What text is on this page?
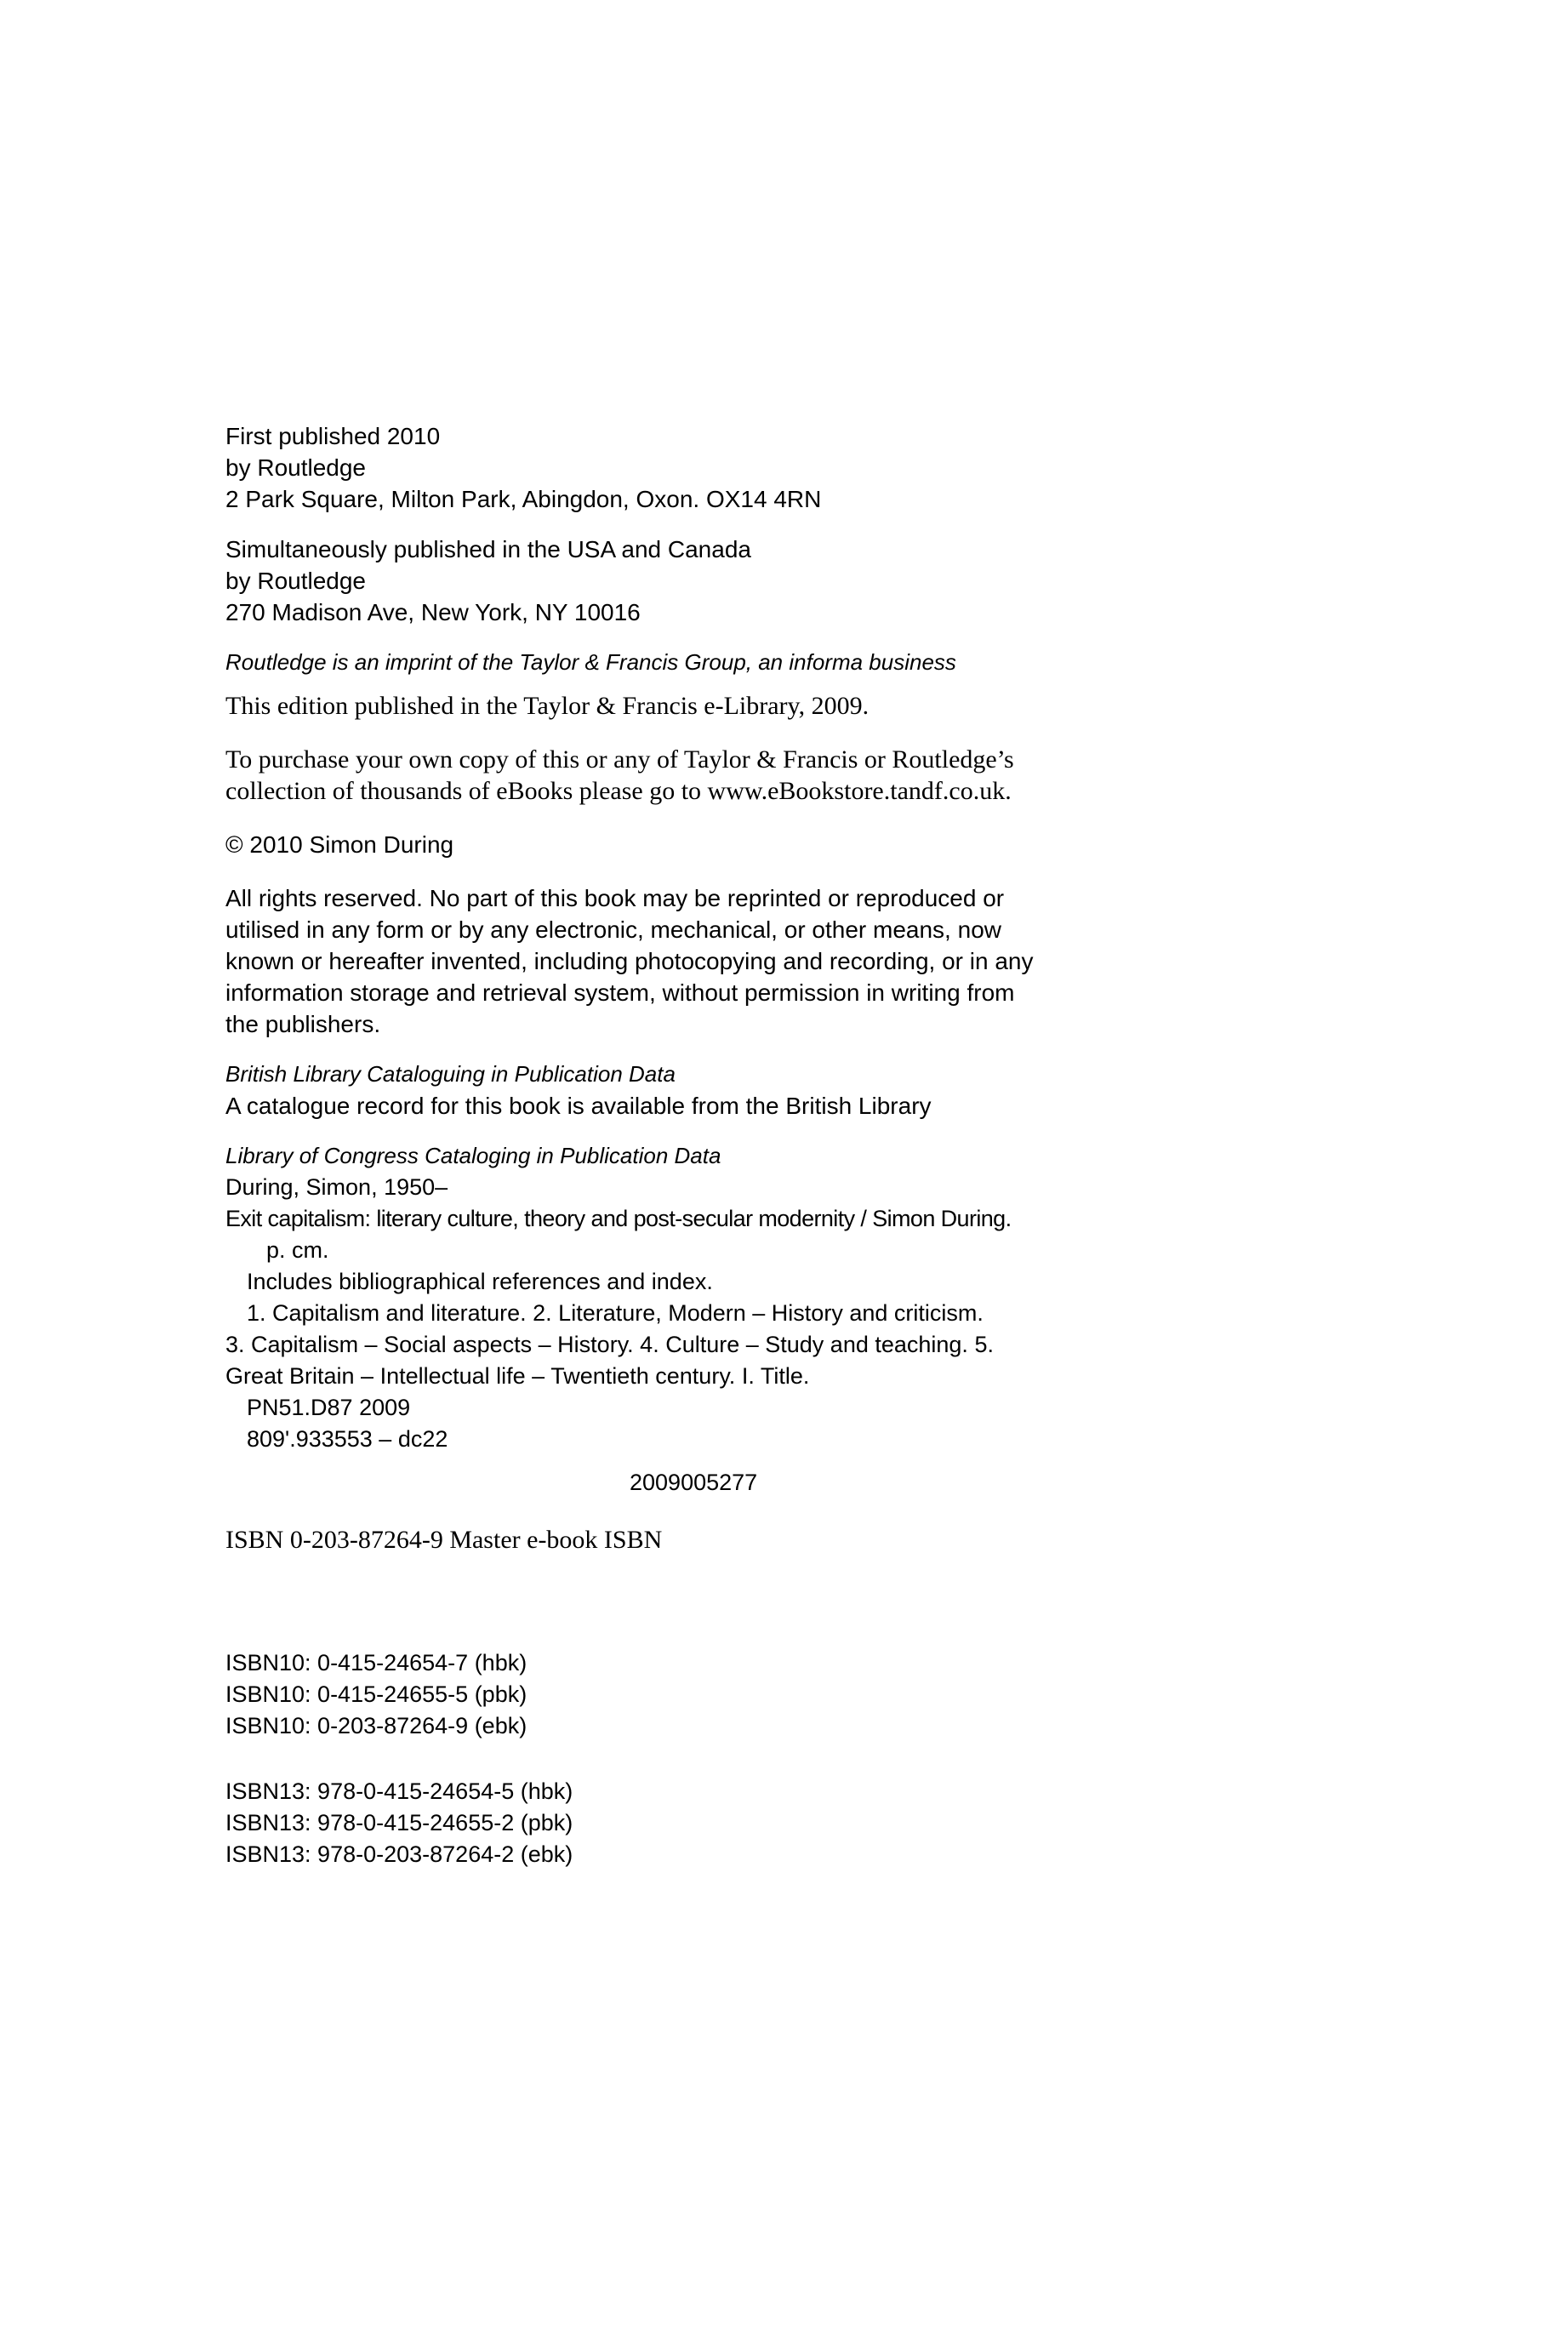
First published 2010
by Routledge
2 Park Square, Milton Park, Abingdon, Oxon. OX14 4RN
Simultaneously published in the USA and Canada
by Routledge
270 Madison Ave, New York, NY 10016
Routledge is an imprint of the Taylor & Francis Group, an informa business
This edition published in the Taylor & Francis e-Library, 2009.
To purchase your own copy of this or any of Taylor & Francis or Routledge’s
collection of thousands of eBooks please go to www.eBookstore.tandf.co.uk.
© 2010 Simon During
All rights reserved. No part of this book may be reprinted or reproduced or
utilised in any form or by any electronic, mechanical, or other means, now
known or hereafter invented, including photocopying and recording, or in any
information storage and retrieval system, without permission in writing from
the publishers.
British Library Cataloguing in Publication Data
A catalogue record for this book is available from the British Library
Library of Congress Cataloging in Publication Data
During, Simon, 1950–
Exit capitalism: literary culture, theory and post-secular modernity / Simon During.
p. cm.
Includes bibliographical references and index.
1. Capitalism and literature. 2. Literature, Modern – History and criticism.
3. Capitalism – Social aspects – History. 4. Culture – Study and teaching. 5.
Great Britain – Intellectual life – Twentieth century. I. Title.
PN51.D87 2009
809'.933553 – dc22
2009005277
ISBN 0-203-87264-9 Master e-book ISBN
ISBN10: 0-415-24654-7 (hbk)
ISBN10: 0-415-24655-5 (pbk)
ISBN10: 0-203-87264-9 (ebk)
ISBN13: 978-0-415-24654-5 (hbk)
ISBN13: 978-0-415-24655-2 (pbk)
ISBN13: 978-0-203-87264-2 (ebk)
